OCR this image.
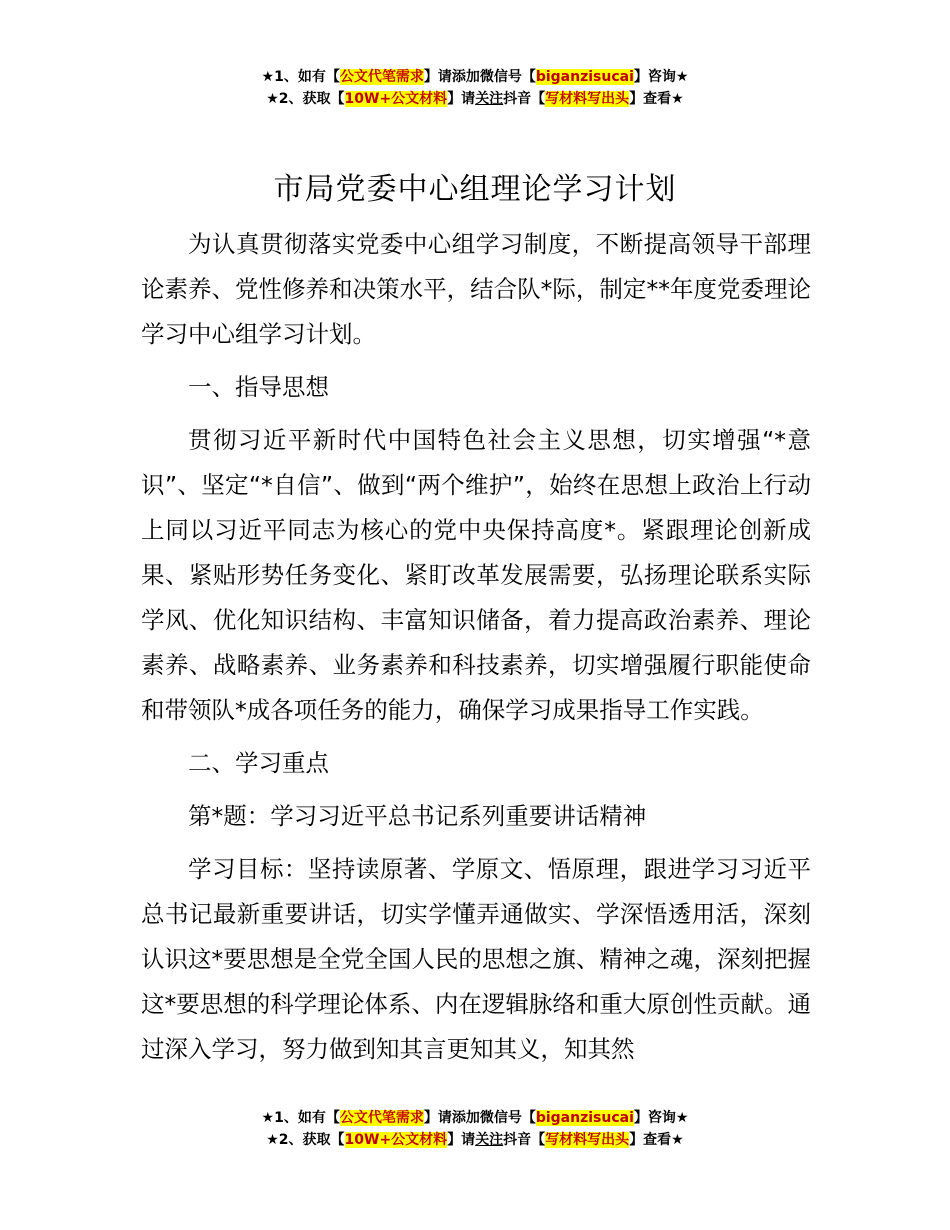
★1、如有【公文代笔需求】请添加微信号【biganzisucai】咨询★
★2、获取【10W+公文材料】请关注抖音【写材料写出头】查看★
市局党委中心组理论学习计划

为认真贯彻落实党委中心组学习制度，不断提高领导干部理论素养、党性修养和决策水平，结合队*际，制定**年度党委理论学习中心组学习计划。

一、指导思想

贯彻习近平新时代中国特色社会主义思想，切实增强“*意识”、坚定“*自信”、做到“两个维护”，始终在思想上政治上行动上同以习近平同志为核心的党中央保持高度*。紧跟理论创新成果、紧贴形势任务变化、紧盯改革发展需要，弘扬理论联系实际学风、优化知识结构、丰富知识储备，着力提高政治素养、理论素养、战略素养、业务素养和科技素养，切实增强履行职能使命和带领队*成各项任务的能力，确保学习成果指导工作实践。

二、学习重点

第*题：学习习近平总书记系列重要讲话精神

学习目标：坚持读原著、学原文、悟原理，跟进学习习近平总书记最新重要讲话，切实学懂弄通做实、学深悟透用活，深刻认识这*要思想是全党全国人民的思想之旗、精神之魂，深刻把握这*要思想的科学理论体系、内在逻辑脉络和重大原创性贡献。通过深入学习，努力做到知其言更知其义，知其然

★1、如有【公文代笔需求】请添加微信号【biganzisucai】咨询★
★2、获取【10W+公文材料】请关注抖音【写材料写出头】查看★
